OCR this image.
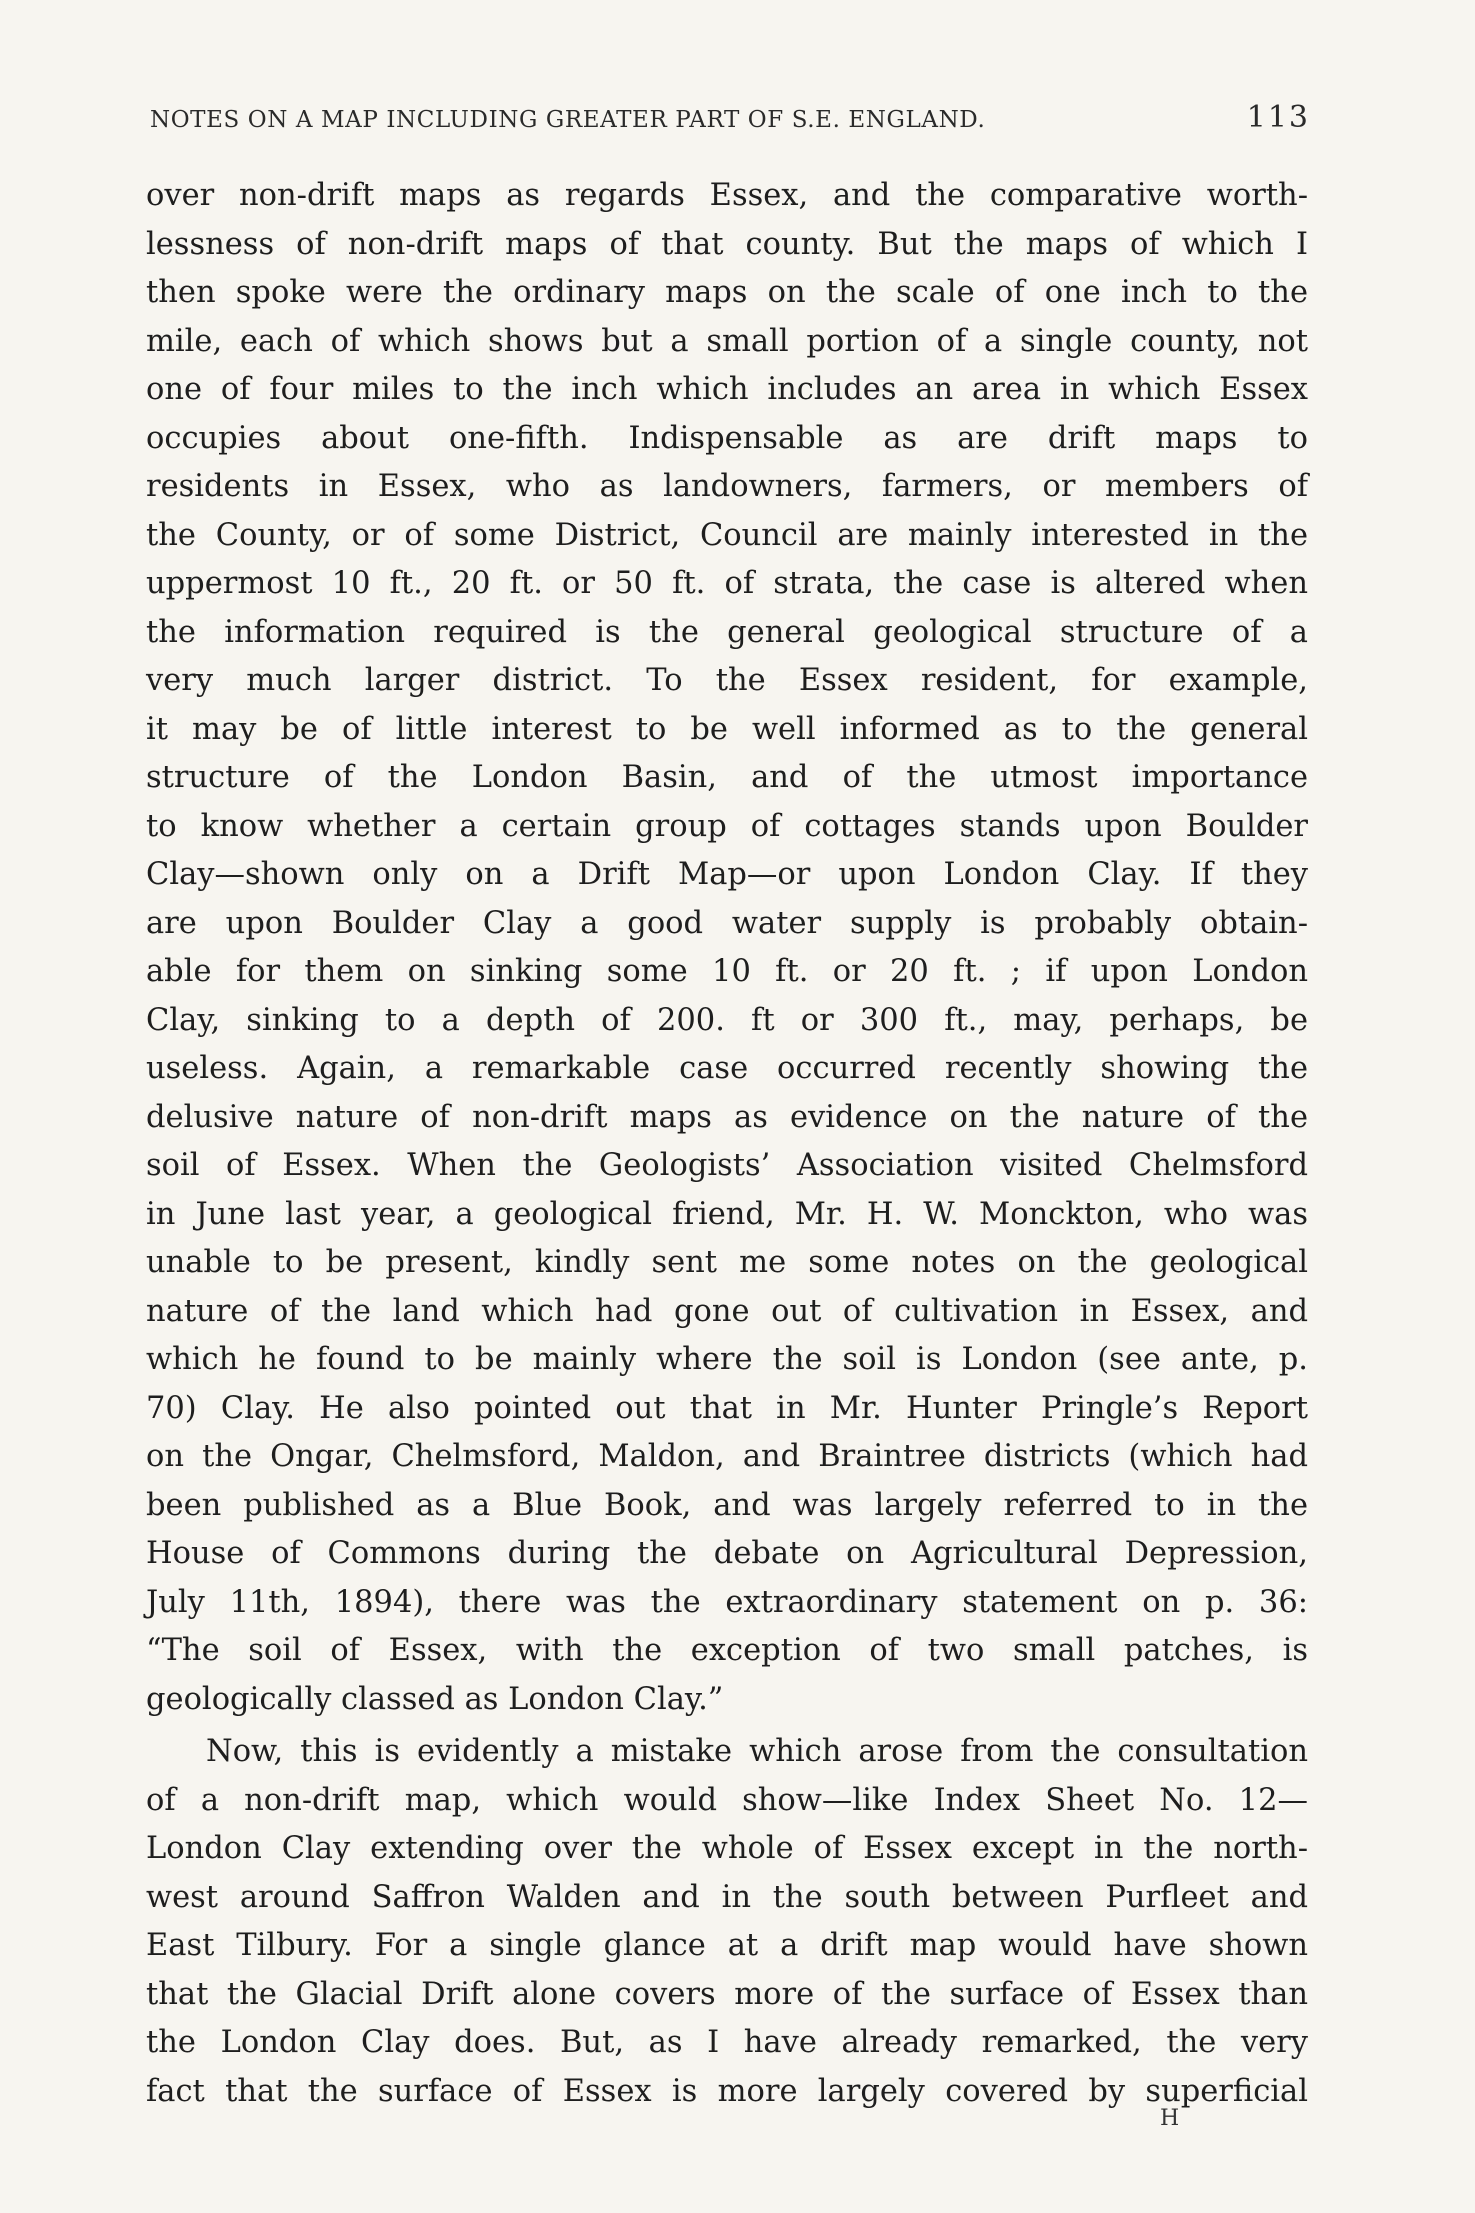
NOTES ON A MAP INCLUDING GREATER PART OF S.E. ENGLAND.	113
over non-drift maps as regards Essex, and the comparative worth-
lessness of non-drift maps of that county. But the maps of which I
then spoke were the ordinary maps on the scale of one inch to the
mile, each of which shows but a small portion of a single county, not
one of four miles to the inch which includes an area in which Essex
occupies about one-fifth. Indispensable as are drift maps to
residents in Essex, who as landowners, farmers, or members of
the County, or of some District, Council are mainly interested in the
uppermost 10 ft., 20 ft. or 50 ft. of strata, the case is altered when
the information required is the general geological structure of a
very much larger district. To the Essex resident, for example,
it may be of little interest to be well informed as to the general
structure of the London Basin, and of the utmost importance
to know whether a certain group of cottages stands upon Boulder
Clay—shown only on a Drift Map—or upon London Clay. If they
are upon Boulder Clay a good water supply is probably obtain-
able for them on sinking some 10 ft. or 20 ft. ; if upon London
Clay, sinking to a depth of 200. ft or 300 ft., may, perhaps, be
useless. Again, a remarkable case occurred recently showing the
delusive nature of non-drift maps as evidence on the nature of the
soil of Essex. When the Geologists’ Association visited Chelmsford
in June last year, a geological friend, Mr. H. W. Monckton, who was
unable to be present, kindly sent me some notes on the geological
nature of the land which had gone out of cultivation in Essex, and
which he found to be mainly where the soil is London (see ante, p.
70) Clay. He also pointed out that in Mr. Hunter Pringle’s Report
on the Ongar, Chelmsford, Maldon, and Braintree districts (which had
been published as a Blue Book, and was largely referred to in the
House of Commons during the debate on Agricultural Depression,
July 11th, 1894), there was the extraordinary statement on p. 36:
“The soil of Essex, with the exception of two small patches, is
geologically classed as London Clay.”
Now, this is evidently a mistake which arose from the consultation
of a non-drift map, which would show—like Index Sheet No. 12—
London Clay extending over the whole of Essex except in the north-
west around Saffron Walden and in the south between Purfleet and
East Tilbury. For a single glance at a drift map would have shown
that the Glacial Drift alone covers more of the surface of Essex than
the London Clay does. But, as I have already remarked, the very
fact that the surface of Essex is more largely covered by superficial
H
